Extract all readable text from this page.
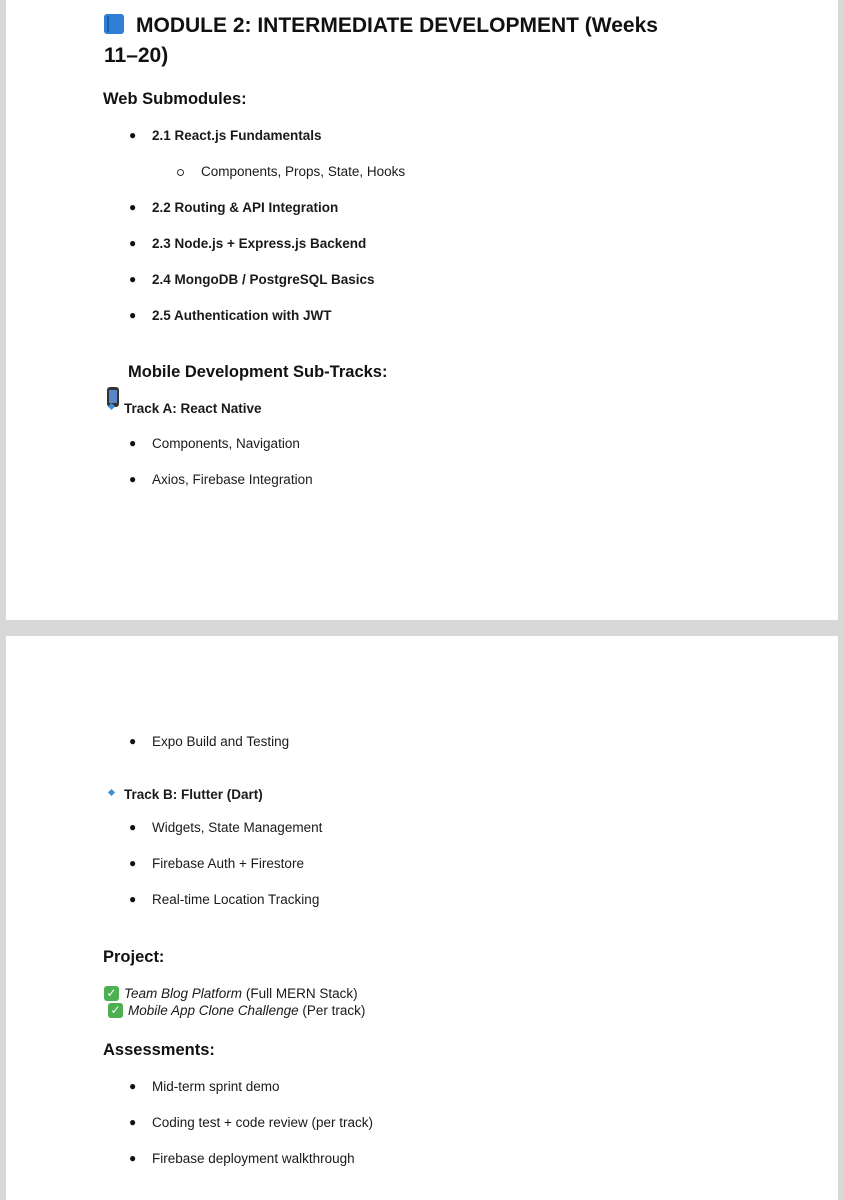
MODULE 2: INTERMEDIATE DEVELOPMENT (Weeks
11–20)
Web Submodules:
● 2.1 React.js Fundamentals
Components, Props, State, Hooks
● 2.2 Routing & API Integration
● 2.3 Node.js + Express.js Backend
● 2.4 MongoDB / PostgreSQL Basics
● 2.5 Authentication with JWT
Mobile Development Sub-Tracks:
Track A: React Native
● Components, Navigation
● Axios, Firebase Integration
● Expo Build and Testing
Track B: Flutter (Dart)
● Widgets, State Management
● Firebase Auth + Firestore
● Real-time Location Tracking
Project:
✓ Team Blog Platform (Full MERN Stack)
✓ Mobile App Clone Challenge (Per track)
Assessments:
● Mid-term sprint demo
● Coding test + code review (per track)
● Firebase deployment walkthrough
